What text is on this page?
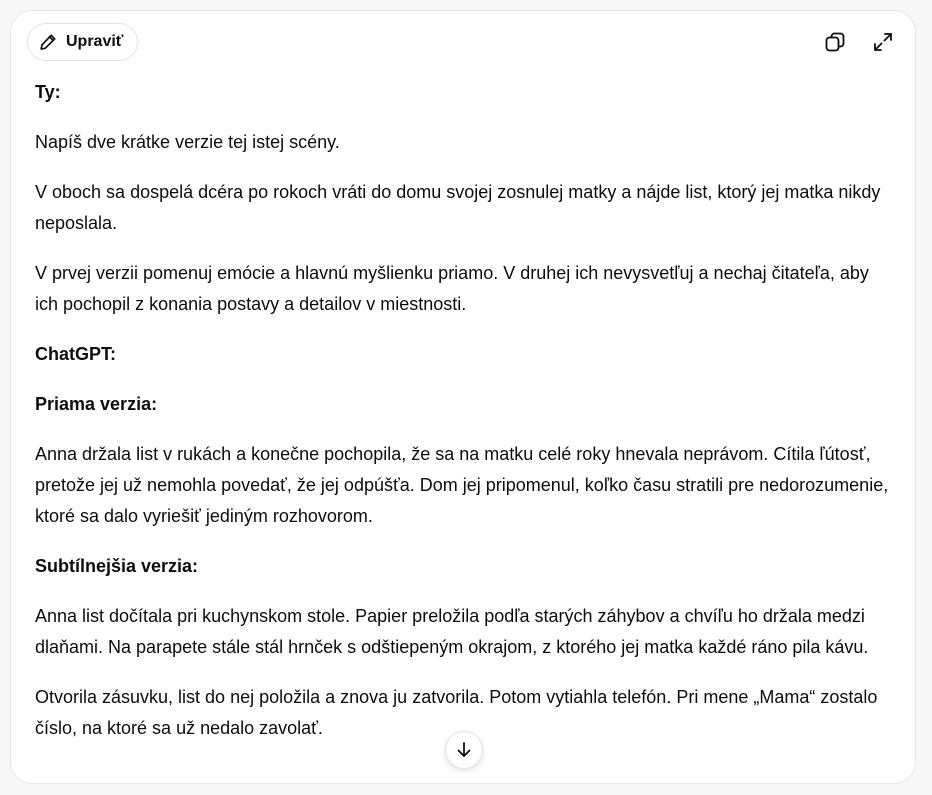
Upraviť

Ty:

Napíš dve krátke verzie tej istej scény.

V oboch sa dospelá dcéra po rokoch vráti do domu svojej zosnulej matky a nájde list, ktorý jej matka nikdy neposlala.

V prvej verzii pomenuj emócie a hlavnú myšlienku priamo. V druhej ich nevysvetľuj a nechaj čitateľa, aby ich pochopil z konania postavy a detailov v miestnosti.

ChatGPT:

Priama verzia:

Anna držala list v rukách a konečne pochopila, že sa na matku celé roky hnevala neprávom. Cítila ľútosť, pretože jej už nemohla povedať, že jej odpúšťa. Dom jej pripomenul, koľko času stratili pre nedorozumenie, ktoré sa dalo vyriešiť jediným rozhovorom.

Subtílnejšia verzia:

Anna list dočítala pri kuchynskom stole. Papier preložila podľa starých záhybov a chvíľu ho držala medzi dlaňami. Na parapete stále stál hrnček s odštiepeným okrajom, z ktorého jej matka každé ráno pila kávu.

Otvorila zásuvku, list do nej položila a znova ju zatvorila. Potom vytiahla telefón. Pri mene „Mama“ zostalo číslo, na ktoré sa už nedalo zavolať.
